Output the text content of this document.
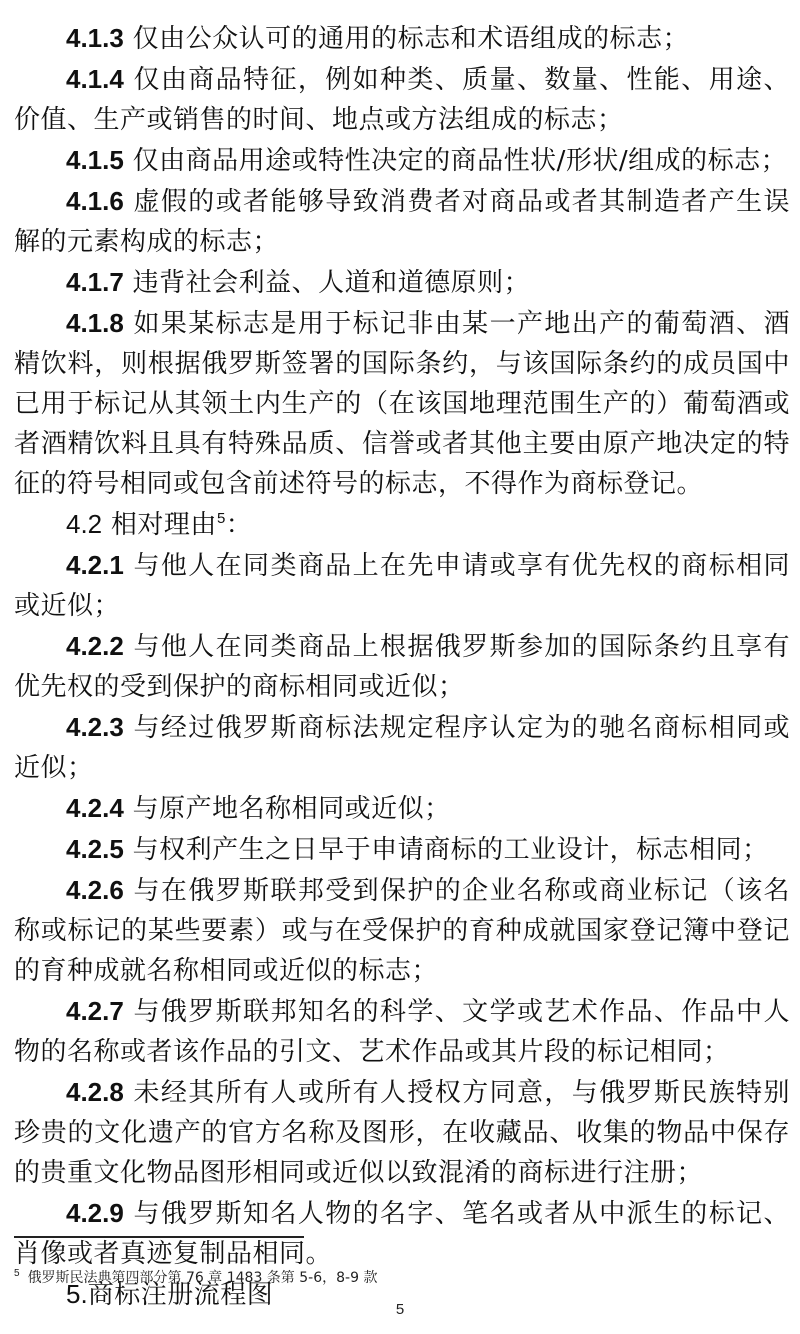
4.1.3 仅由公众认可的通用的标志和术语组成的标志；

4.1.4 仅由商品特征，例如种类、质量、数量、性能、用途、价值、生产或销售的时间、地点或方法组成的标志；

4.1.5 仅由商品用途或特性决定的商品性状/形状/组成的标志；

4.1.6 虚假的或者能够导致消费者对商品或者其制造者产生误解的元素构成的标志；

4.1.7 违背社会利益、人道和道德原则；

4.1.8 如果某标志是用于标记非由某一产地出产的葡萄酒、酒精饮料，则根据俄罗斯签署的国际条约，与该国际条约的成员国中已用于标记从其领土内生产的（在该国地理范围生产的）葡萄酒或者酒精饮料且具有特殊品质、信誉或者其他主要由原产地决定的特征的符号相同或包含前述符号的标志，不得作为商标登记。

4.2 相对理由$^5$：

4.2.1 与他人在同类商品上在先申请或享有优先权的商标相同或近似；

4.2.2 与他人在同类商品上根据俄罗斯参加的国际条约且享有优先权的受到保护的商标相同或近似；

4.2.3 与经过俄罗斯商标法规定程序认定为的驰名商标相同或近似；

4.2.4 与原产地名称相同或近似；

4.2.5 与权利产生之日早于申请商标的工业设计，标志相同；

4.2.6 与在俄罗斯联邦受到保护的企业名称或商业标记（该名称或标记的某些要素）或与在受保护的育种成就国家登记簿中登记的育种成就名称相同或近似的标志；

4.2.7 与俄罗斯联邦知名的科学、文学或艺术作品、作品中人物的名称或者该作品的引文、艺术作品或其片段的标记相同；

4.2.8 未经其所有人或所有人授权方同意，与俄罗斯民族特别珍贵的文化遗产的官方名称及图形，在收藏品、收集的物品中保存的贵重文化物品图形相同或近似以致混淆的商标进行注册；

4.2.9 与俄罗斯知名人物的名字、笔名或者从中派生的标记、肖像或者真迹复制品相同。

5.商标注册流程图

$^5$ 俄罗斯民法典第四部分第 76 章 1483 条第 5-6，8-9 款
5
